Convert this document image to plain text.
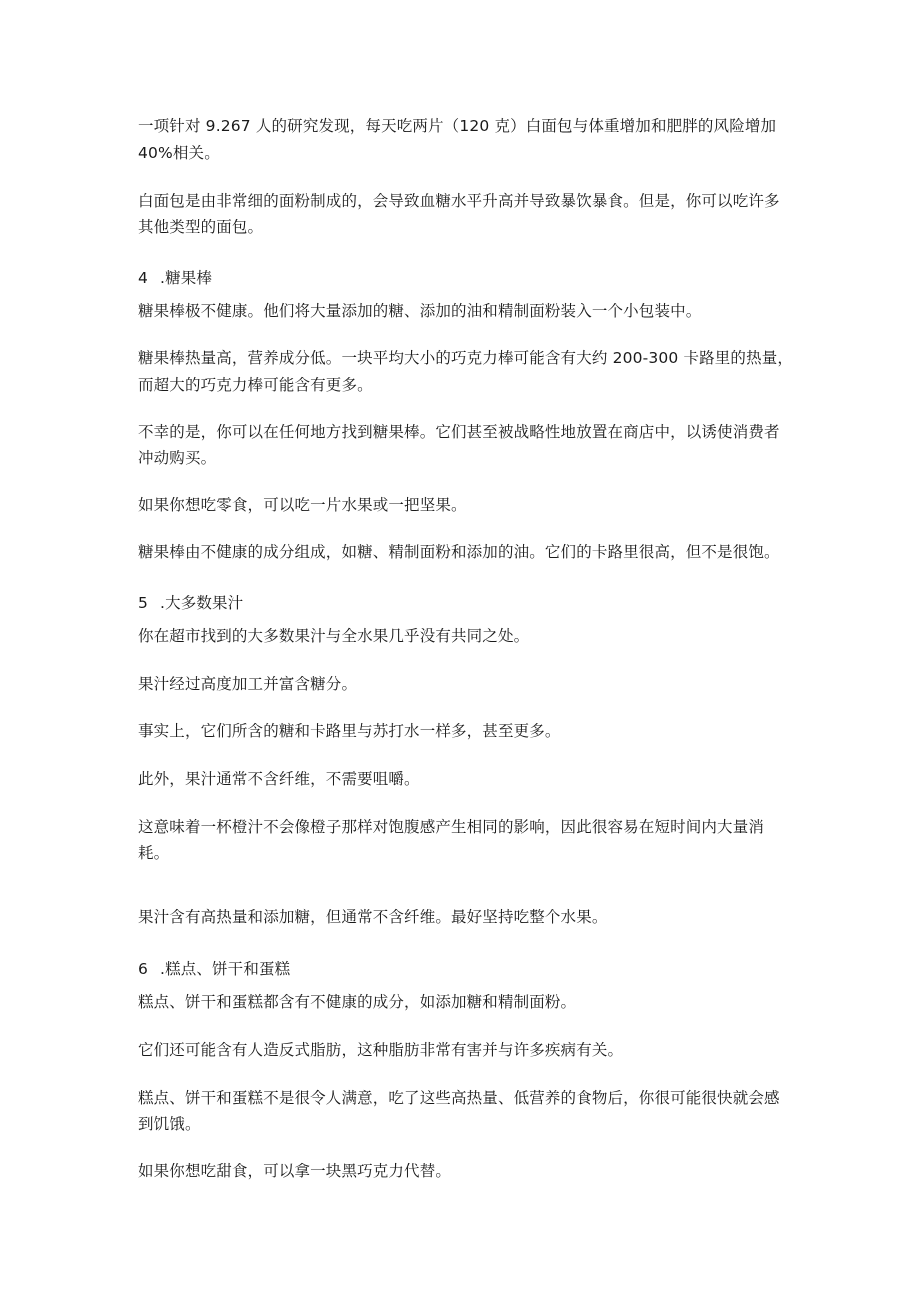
一项针对 9.267 人的研究发现，每天吃两片（120 克）白面包与体重增加和肥胖的风险增加
40%相关。
白面包是由非常细的面粉制成的，会导致血糖水平升高并导致暴饮暴食。但是，你可以吃许多
其他类型的面包。
4 .糖果棒
糖果棒极不健康。他们将大量添加的糖、添加的油和精制面粉装入一个小包装中。
糖果棒热量高，营养成分低。一块平均大小的巧克力棒可能含有大约 200-300 卡路里的热量，
而超大的巧克力棒可能含有更多。
不幸的是，你可以在任何地方找到糖果棒。它们甚至被战略性地放置在商店中，以诱使消费者
冲动购买。
如果你想吃零食，可以吃一片水果或一把坚果。
糖果棒由不健康的成分组成，如糖、精制面粉和添加的油。它们的卡路里很高，但不是很饱。
5 .大多数果汁
你在超市找到的大多数果汁与全水果几乎没有共同之处。
果汁经过高度加工并富含糖分。
事实上，它们所含的糖和卡路里与苏打水一样多，甚至更多。
此外，果汁通常不含纤维，不需要咀嚼。
这意味着一杯橙汁不会像橙子那样对饱腹感产生相同的影响，因此很容易在短时间内大量消
耗。
果汁含有高热量和添加糖，但通常不含纤维。最好坚持吃整个水果。
6 .糕点、饼干和蛋糕
糕点、饼干和蛋糕都含有不健康的成分，如添加糖和精制面粉。
它们还可能含有人造反式脂肪，这种脂肪非常有害并与许多疾病有关。
糕点、饼干和蛋糕不是很令人满意，吃了这些高热量、低营养的食物后，你很可能很快就会感
到饥饿。
如果你想吃甜食，可以拿一块黑巧克力代替。
